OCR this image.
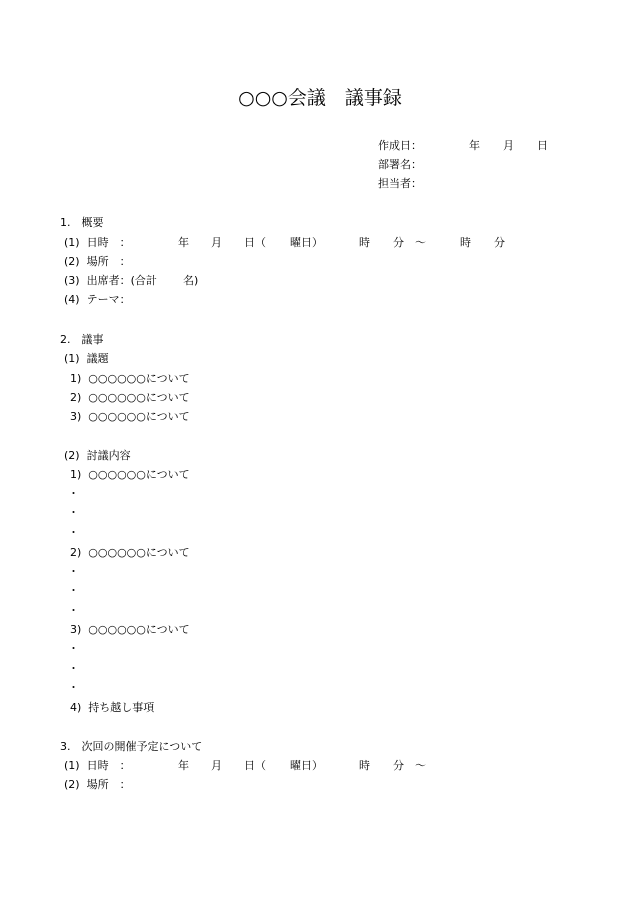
○○○会議　議事録
作成日：	年 月 日
部署名：
担当者：
1.　概要
(1)  日時　：	年 月 日（ 曜日）	時 分　～	時 分
(2)  場所　：
(3)  出席者：(合計 名)
(4)  テーマ：
2.　議事
(1)  議題
1)  ○○○○○○について
2)  ○○○○○○について
3)  ○○○○○○について
(2)  討議内容
1)  ○○○○○○について
・
・
・
2)  ○○○○○○について
・
・
・
3)  ○○○○○○について
・
・
・
4)  持ち越し事項
3.　次回の開催予定について
(1)  日時　：	年 月 日（ 曜日）	時 分　～
(2)  場所　：
